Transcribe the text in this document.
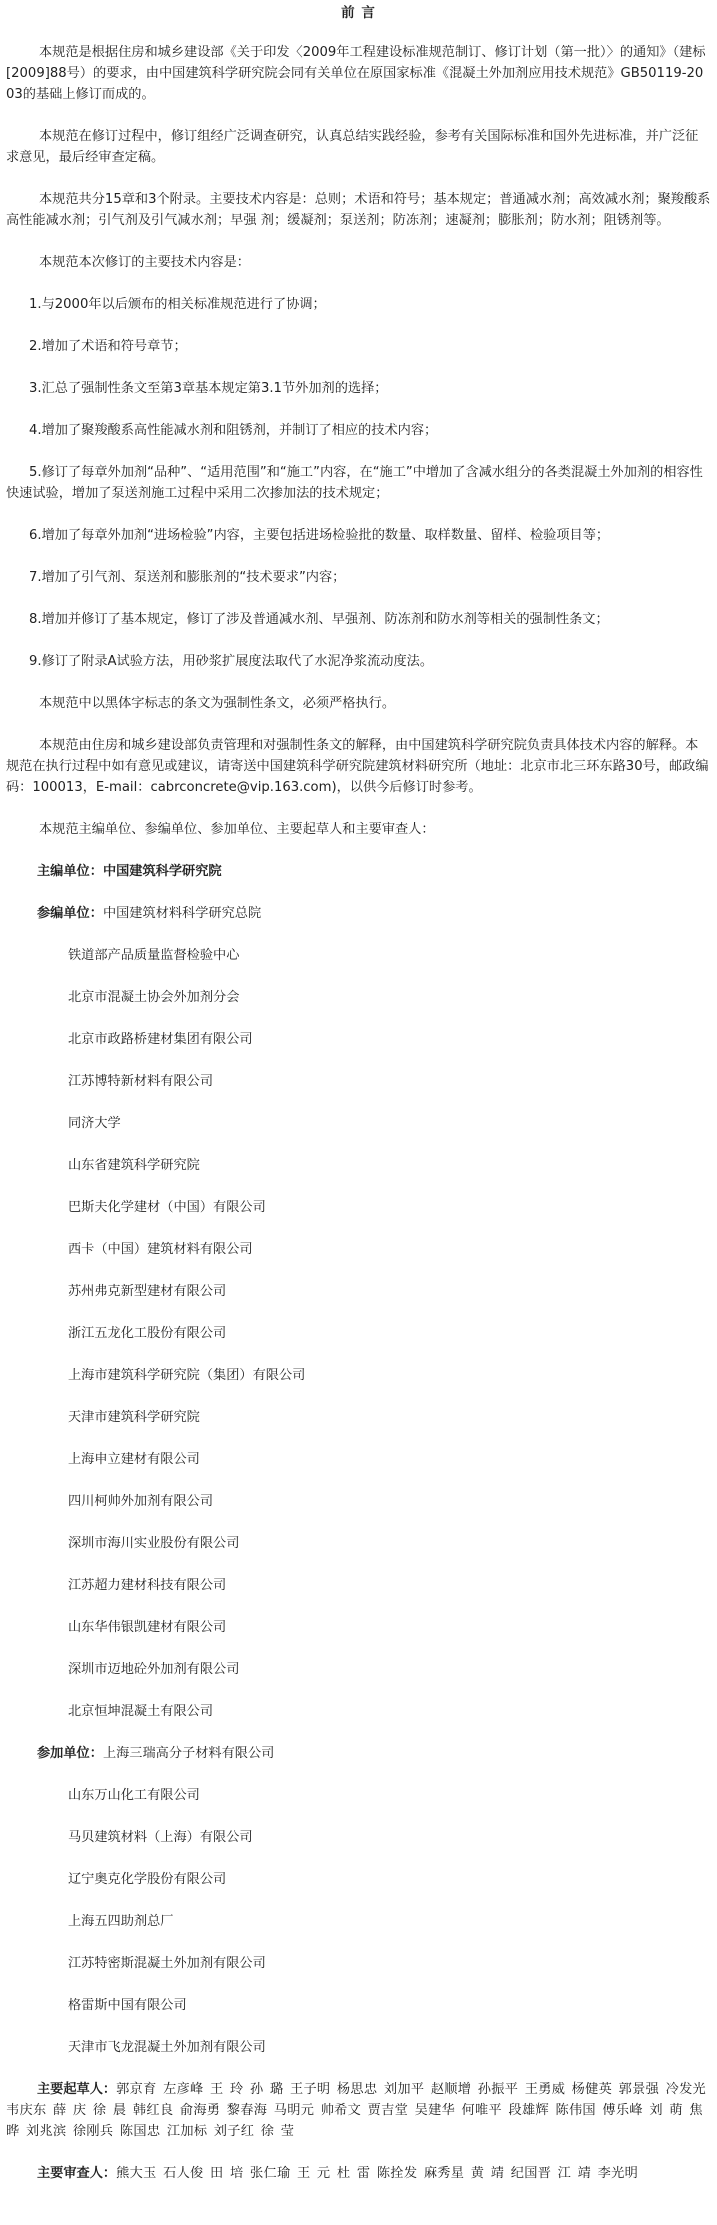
前 言

本规范是根据住房和城乡建设部《关于印发〈2009年工程建设标准规范制订、修订计划（第一批）〉的通知》（建标[2009]88号）的要求，由中国建筑科学研究院会同有关单位在原国家标准《混凝土外加剂应用技术规范》GB50119-2003的基础上修订而成的。

本规范在修订过程中，修订组经广泛调查研究，认真总结实践经验，参考有关国际标准和国外先进标准，并广泛征求意见，最后经审查定稿。

本规范共分15章和3个附录。主要技术内容是：总则；术语和符号；基本规定；普通减水剂；高效减水剂；聚羧酸系高性能减水剂；引气剂及引气减水剂；早强 剂；缓凝剂；泵送剂；防冻剂；速凝剂；膨胀剂；防水剂；阻锈剂等。

本规范本次修订的主要技术内容是：

1.与2000年以后颁布的相关标准规范进行了协调；

2.增加了术语和符号章节；

3.汇总了强制性条文至第3章基本规定第3.1节外加剂的选择；

4.增加了聚羧酸系高性能减水剂和阻锈剂，并制订了相应的技术内容；

5.修订了每章外加剂“品种”、“适用范围”和“施工”内容，在“施工”中增加了含减水组分的各类混凝土外加剂的相容性快速试验，增加了泵送剂施工过程中采用二次掺加法的技术规定；

6.增加了每章外加剂“进场检验”内容，主要包括进场检验批的数量、取样数量、留样、检验项目等；

7.增加了引气剂、泵送剂和膨胀剂的“技术要求”内容；

8.增加并修订了基本规定，修订了涉及普通减水剂、早强剂、防冻剂和防水剂等相关的强制性条文；

9.修订了附录A试验方法，用砂浆扩展度法取代了水泥净浆流动度法。

本规范中以黑体字标志的条文为强制性条文，必须严格执行。

本规范由住房和城乡建设部负责管理和对强制性条文的解释，由中国建筑科学研究院负责具体技术内容的解释。本规范在执行过程中如有意见或建议，请寄送中国建筑科学研究院建筑材料研究所（地址：北京市北三环东路30号，邮政编码：100013，E-mail：cabrconcrete@vip.163.com)，以供今后修订时参考。

本规范主编单位、参编单位、参加单位、主要起草人和主要审查人：

主编单位：中国建筑科学研究院

参编单位：中国建筑材料科学研究总院

铁道部产品质量监督检验中心

北京市混凝土协会外加剂分会

北京市政路桥建材集团有限公司

江苏博特新材料有限公司

同济大学

山东省建筑科学研究院

巴斯夫化学建材（中国）有限公司

西卡（中国）建筑材料有限公司

苏州弗克新型建材有限公司

浙江五龙化工股份有限公司

上海市建筑科学研究院（集团）有限公司

天津市建筑科学研究院

上海申立建材有限公司

四川柯帅外加剂有限公司

深圳市海川实业股份有限公司

江苏超力建材科技有限公司

山东华伟银凯建材有限公司

深圳市迈地砼外加剂有限公司

北京恒坤混凝土有限公司

参加单位：上海三瑞高分子材料有限公司

山东万山化工有限公司

马贝建筑材料（上海）有限公司

辽宁奥克化学股份有限公司

上海五四助剂总厂

江苏特密斯混凝土外加剂有限公司

格雷斯中国有限公司

天津市飞龙混凝土外加剂有限公司

主要起草人：郭京育 左彦峰 王 玲 孙 璐 王子明 杨思忠 刘加平 赵顺增 孙振平 王勇威 杨健英 郭景强 冷发光 韦庆东 薛 庆 徐 晨 韩红良 俞海勇 黎春海 马明元 帅希文 贾吉堂 吴建华 何唯平 段雄辉 陈伟国 傅乐峰 刘 萌 焦 晔 刘兆滨 徐刚兵 陈国忠 江加标 刘子红 徐 莹

主要审查人：熊大玉 石人俊 田 培 张仁瑜 王 元 杜 雷 陈拴发 麻秀星 黄 靖 纪国晋 江 靖 李光明
